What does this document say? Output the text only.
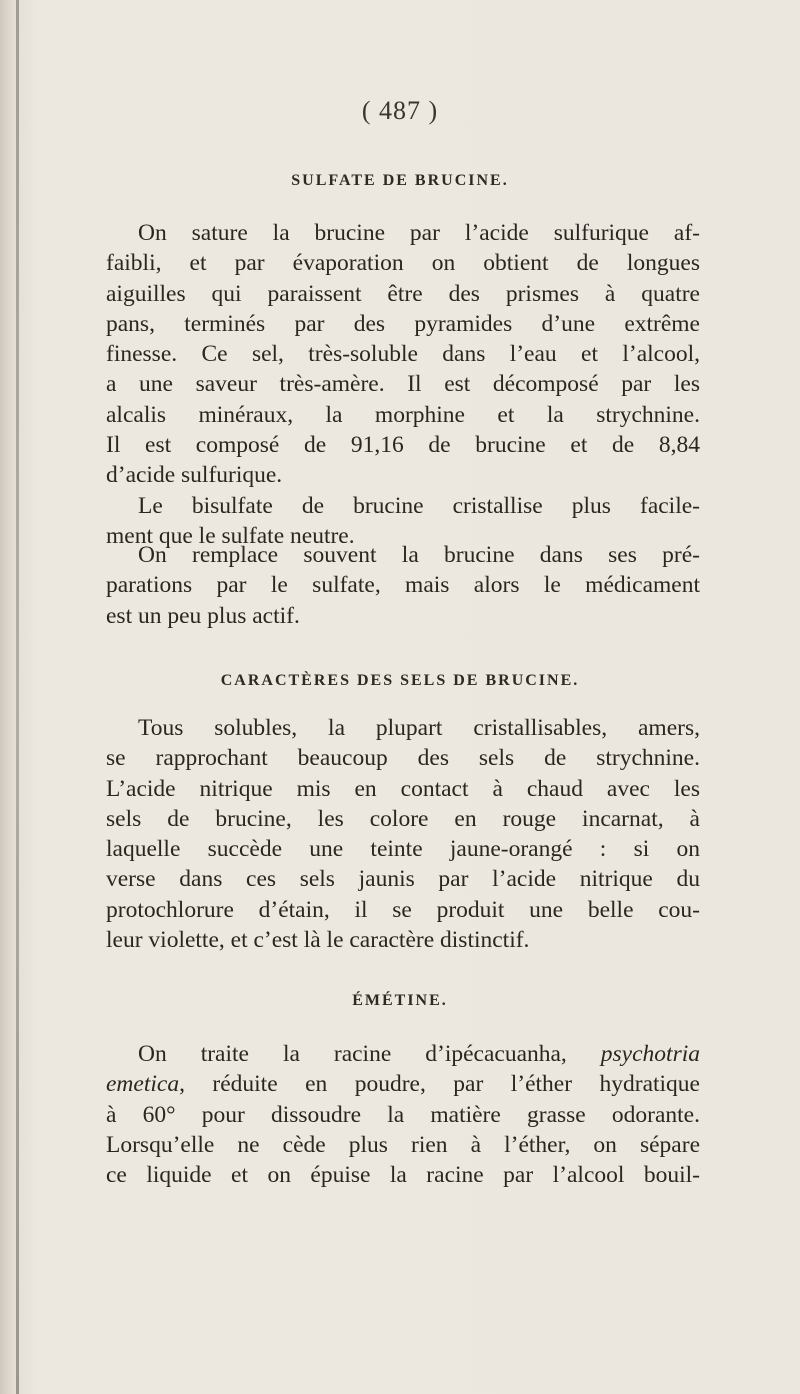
( 487 )
SULFATE DE BRUCINE.
On sature la brucine par l’acide sulfurique af-
faibli, et par évaporation on obtient de longues
aiguilles qui paraissent être des prismes à quatre
pans, terminés par des pyramides d’une extrême
finesse. Ce sel, très-soluble dans l’eau et l’alcool,
a une saveur très-amère. Il est décomposé par les
alcalis minéraux, la morphine et la strychnine.
Il est composé de 91,16 de brucine et de 8,84
d’acide sulfurique.
Le bisulfate de brucine cristallise plus facile-
ment que le sulfate neutre.
On remplace souvent la brucine dans ses pré-
parations par le sulfate, mais alors le médicament
est un peu plus actif.
CARACTÈRES DES SELS DE BRUCINE.
Tous solubles, la plupart cristallisables, amers,
se rapprochant beaucoup des sels de strychnine.
L’acide nitrique mis en contact à chaud avec les
sels de brucine, les colore en rouge incarnat, à
laquelle succède une teinte jaune-orangé : si on
verse dans ces sels jaunis par l’acide nitrique du
protochlorure d’étain, il se produit une belle cou-
leur violette, et c’est là le caractère distinctif.
ÉMÉTINE.
On traite la racine d’ipécacuanha, psychotria
emetica, réduite en poudre, par l’éther hydratique
à 60° pour dissoudre la matière grasse odorante.
Lorsqu’elle ne cède plus rien à l’éther, on sépare
ce liquide et on épuise la racine par l’alcool bouil-
